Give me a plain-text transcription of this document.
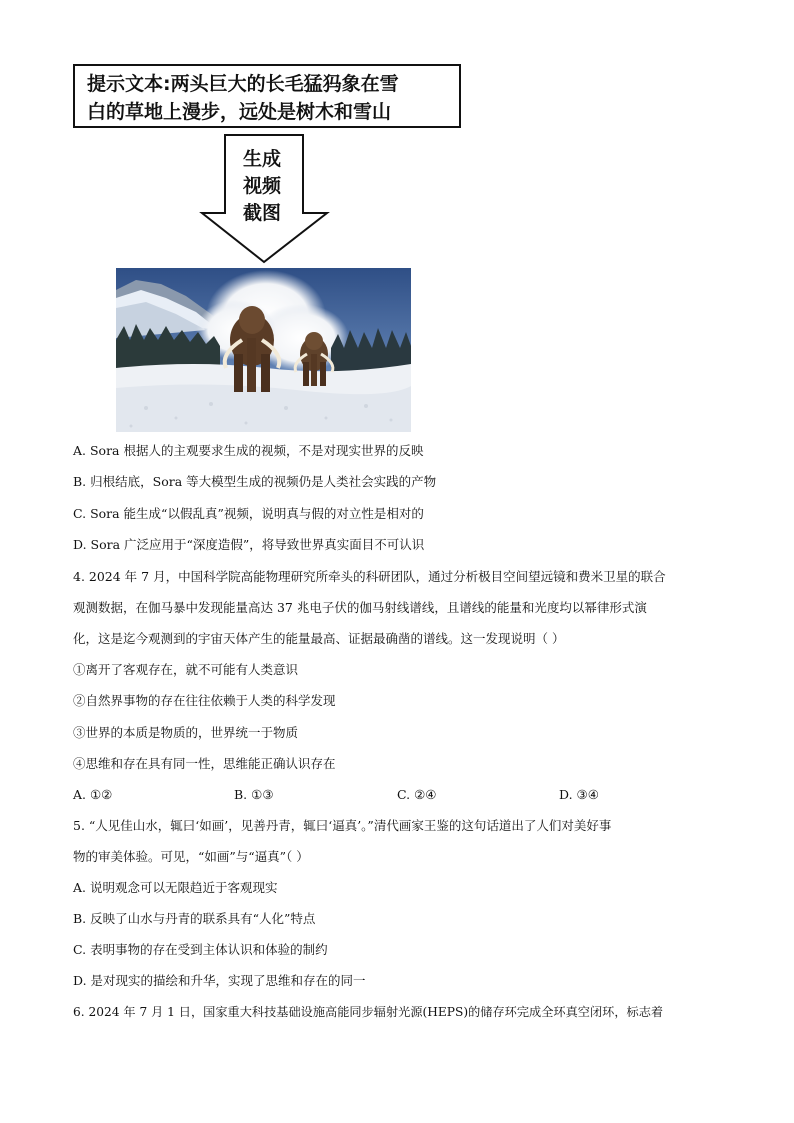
提示文本:两头巨大的长毛猛犸象在雪
白的草地上漫步，远处是树木和雪山
生成
视频
截图
A. Sora 根据人的主观要求生成的视频，不是对现实世界的反映
B. 归根结底，Sora 等大模型生成的视频仍是人类社会实践的产物
C. Sora 能生成“以假乱真”视频，说明真与假的对立性是相对的
D. Sora 广泛应用于“深度造假”，将导致世界真实面目不可认识
4. 2024 年 7 月，中国科学院高能物理研究所牵头的科研团队，通过分析极目空间望远镜和费米卫星的联合
观测数据，在伽马暴中发现能量高达 37 兆电子伏的伽马射线谱线，且谱线的能量和光度均以幂律形式演
化，这是迄今观测到的宇宙天体产生的能量最高、证据最确凿的谱线。这一发现说明（ ）
①离开了客观存在，就不可能有人类意识
②自然界事物的存在往往依赖于人类的科学发现
③世界的本质是物质的，世界统一于物质
④思维和存在具有同一性，思维能正确认识存在
A. ①②	B. ①③	C. ②④	D. ③④
5. “人见佳山水，辄曰‘如画’，见善丹青，辄曰‘逼真’。”清代画家王鉴的这句话道出了人们对美好事
物的审美体验。可见，“如画”与“逼真”（ ）
A. 说明观念可以无限趋近于客观现实
B. 反映了山水与丹青的联系具有“人化”特点
C. 表明事物的存在受到主体认识和体验的制约
D. 是对现实的描绘和升华，实现了思维和存在的同一
6. 2024 年 7 月 1 日，国家重大科技基础设施高能同步辐射光源(HEPS)的储存环完成全环真空闭环，标志着
